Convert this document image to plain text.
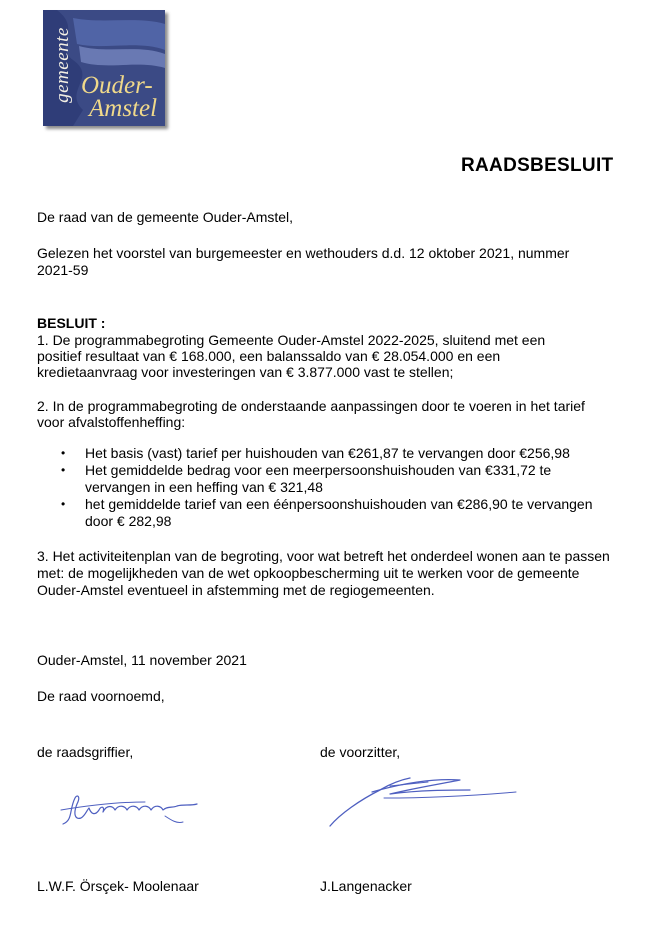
gemeente Ouder-
Amstel
RAADSBESLUIT
De raad van de gemeente Ouder-Amstel,
Gelezen het voorstel van burgemeester en wethouders d.d. 12 oktober 2021, nummer
2021-59
BESLUIT :
1. De programmabegroting Gemeente Ouder-Amstel 2022-2025, sluitend met een
positief resultaat van € 168.000, een balanssaldo van € 28.054.000 en een
kredietaanvraag voor investeringen van € 3.877.000 vast te stellen;
2. In de programmabegroting de onderstaande aanpassingen door te voeren in het tarief
voor afvalstoffenheffing:
• Het basis (vast) tarief per huishouden van €261,87 te vervangen door €256,98
• Het gemiddelde bedrag voor een meerpersoonshuishouden van €331,72 te
vervangen in een heffing van € 321,48
• het gemiddelde tarief van een éénpersoonshuishouden van €286,90 te vervangen
door € 282,98
3. Het activiteitenplan van de begroting, voor wat betreft het onderdeel wonen aan te passen
met: de mogelijkheden van de wet opkoopbescherming uit te werken voor de gemeente
Ouder-Amstel eventueel in afstemming met de regiogemeenten.
Ouder-Amstel, 11 november 2021
De raad voornoemd,
de raadsgriffier,	de voorzitter,
L.W.F. Örsçek- Moolenaar	J.Langenacker
